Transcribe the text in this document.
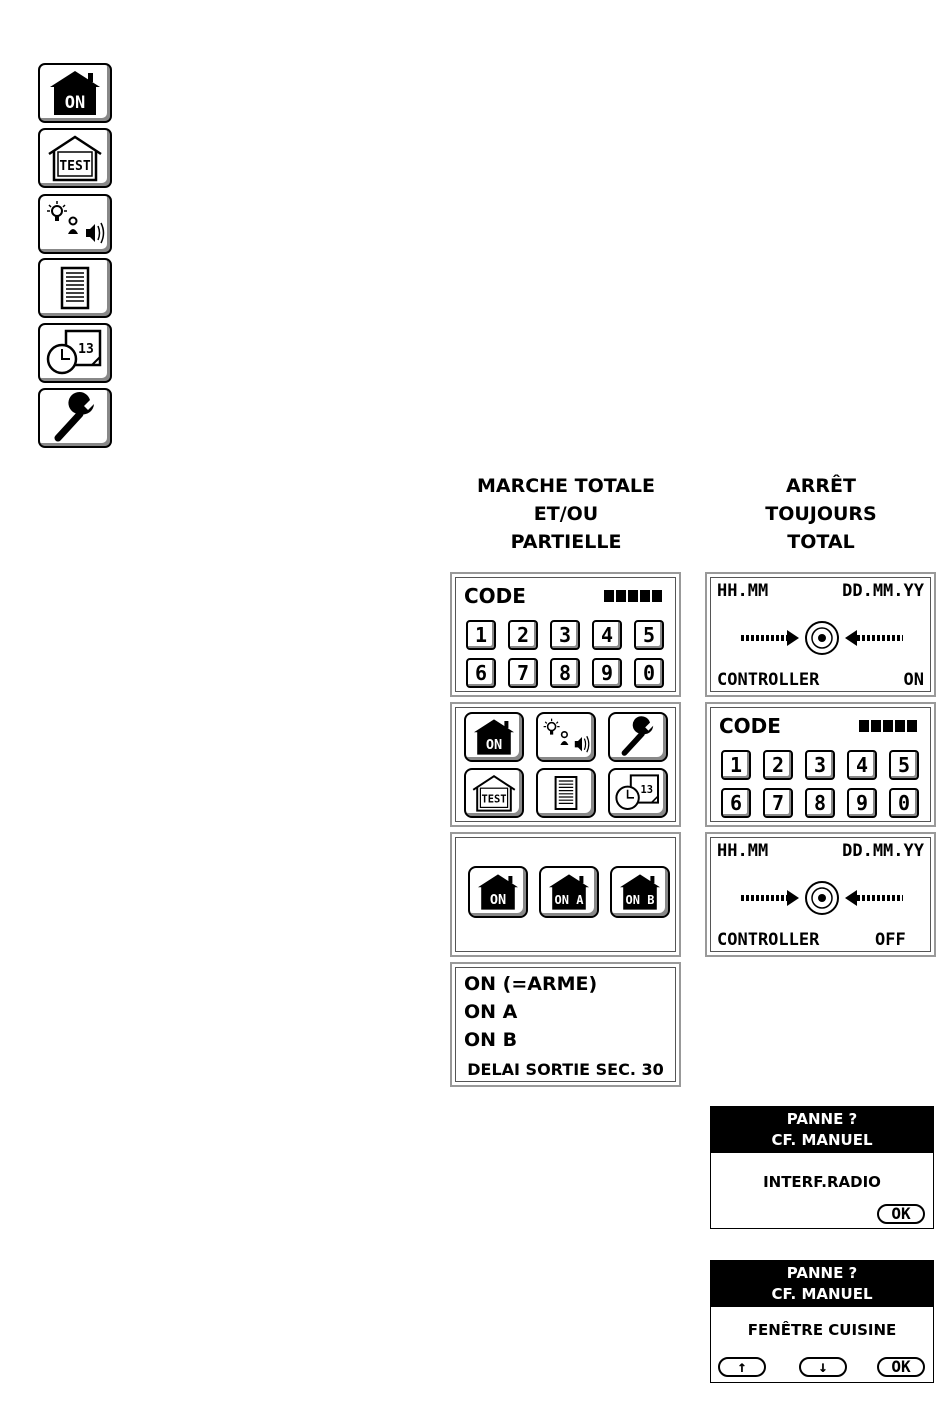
ON
TEST
13
MARCHE TOTALE
ET/OU
PARTIELLE
ARRÊT
TOUJOURS
TOTAL
CODE
1	2	3	4	5
6	7	8	9	0
ON
TEST
13
ON	ON A	ON B
ON (=ARME)
ON A
ON B
DELAI SORTIE SEC. 30
HH.MM	DD.MM.YY
CONTROLLER	ON
CODE
1	2	3	4	5
6	7	8	9	0
HH.MM	DD.MM.YY
CONTROLLER	OFF
PANNE ?
CF. MANUEL
INTERF.RADIO
OK
PANNE ?
CF. MANUEL
FENÊTRE CUISINE
↑	↓	OK
